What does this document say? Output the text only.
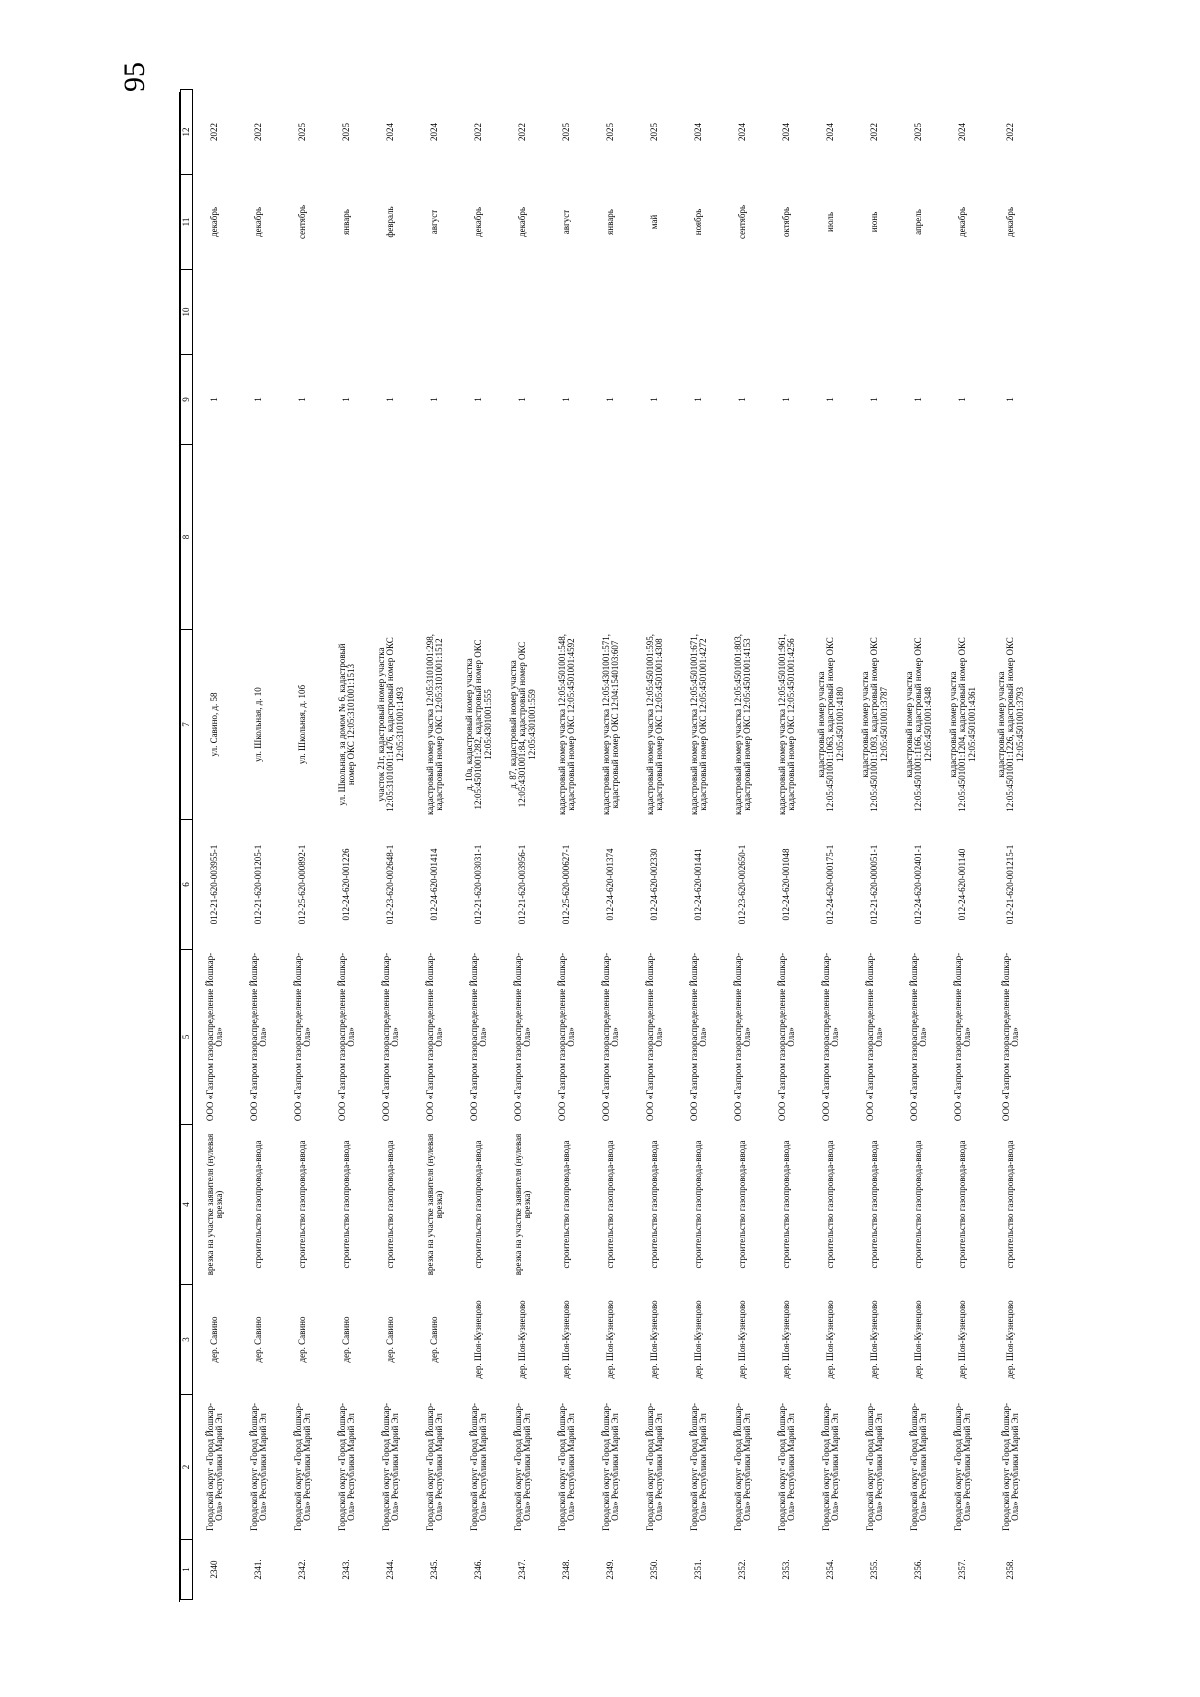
95
1	2	3	4	5	6	7	8	9	10	11	12
2340	Городской округ «Город Йошкар-Ола» Республики Марий Эл	дер. Савино	врезка на участке заявителя (нулевая врезка)	ООО «Газпром газораспределение Йошкар-Ола»	012-21-620-003955-1	ул. Савино, д. 58		1		декабрь	2022
2341.	Городской округ «Город Йошкар-Ола» Республики Марий Эл	дер. Савино	строительство газопровода-ввода	ООО «Газпром газораспределение Йошкар-Ола»	012-21-620-001205-1	ул. Школьная, д. 10		1		декабрь	2022
2342.	Городской округ «Город Йошкар-Ола» Республики Марий Эл	дер. Савино	строительство газопровода-ввода	ООО «Газпром газораспределение Йошкар-Ола»	012-25-620-000892-1	ул. Школьная, д. 10б		1		сентябрь	2025
2343.	Городской округ «Город Йошкар-Ола» Республики Марий Эл	дер. Савино	строительство газопровода-ввода	ООО «Газпром газораспределение Йошкар-Ола»	012-24-620-001226	ул. Школьная, за домом № 6, кадастровый номер ОКС 12:05:3101001:1513		1		январь	2025
2344.	Городской округ «Город Йошкар-Ола» Республики Марий Эл	дер. Савино	строительство газопровода-ввода	ООО «Газпром газораспределение Йошкар-Ола»	012-23-620-002648-1	участок 21г, кадастровый номер участка 12:05:3101001:1476, кадастровый номер ОКС 12:05:3101001:1493		1		февраль	2024
2345.	Городской округ «Город Йошкар-Ола» Республики Марий Эл	дер. Савино	врезка на участке заявителя (нулевая врезка)	ООО «Газпром газораспределение Йошкар-Ола»	012-24-620-001414	кадастровый номер участка 12:05:3101001:298, кадастровый номер ОКС 12:05:3101001:1512		1		август	2024
2346.	Городской округ «Город Йошкар-Ола» Республики Марий Эл	дер. Шоя-Кузнецово	строительство газопровода-ввода	ООО «Газпром газораспределение Йошкар-Ола»	012-21-620-003031-1	д. 10а, кадастровый номер участка 12:05:4501001:282, кадастровый номер ОКС 12:05:4301001:555		1		декабрь	2022
2347.	Городской округ «Город Йошкар-Ола» Республики Марий Эл	дер. Шоя-Кузнецово	врезка на участке заявителя (нулевая врезка)	ООО «Газпром газораспределение Йошкар-Ола»	012-21-620-003956-1	д. 87, кадастровый номер участка 12:05:4301001:84, кадастровый номер ОКС 12:05:4301001:559		1		декабрь	2022
2348.	Городской округ «Город Йошкар-Ола» Республики Марий Эл	дер. Шоя-Кузнецово	строительство газопровода-ввода	ООО «Газпром газораспределение Йошкар-Ола»	012-25-620-000627-1	кадастровый номер участка 12:05:4501001:548, кадастровый номер ОКС 12:05:4501001:4592		1		август	2025
2349.	Городской округ «Город Йошкар-Ола» Республики Марий Эл	дер. Шоя-Кузнецово	строительство газопровода-ввода	ООО «Газпром газораспределение Йошкар-Ола»	012-24-620-001374	кадастровый номер участка 12:05:4301001:571, кадастровый номер ОКС 12:04:1540103:607		1		январь	2025
2350.	Городской округ «Город Йошкар-Ола» Республики Марий Эл	дер. Шоя-Кузнецово	строительство газопровода-ввода	ООО «Газпром газораспределение Йошкар-Ола»	012-24-620-002330	кадастровый номер участка 12:05:4501001:595, кадастровый номер ОКС 12:05:4501001:4308		1		май	2025
2351.	Городской округ «Город Йошкар-Ола» Республики Марий Эл	дер. Шоя-Кузнецово	строительство газопровода-ввода	ООО «Газпром газораспределение Йошкар-Ола»	012-24-620-001441	кадастровый номер участка 12:05:4501001:671, кадастровый номер ОКС 12:05:4501001:4272		1		ноябрь	2024
2352.	Городской округ «Город Йошкар-Ола» Республики Марий Эл	дер. Шоя-Кузнецово	строительство газопровода-ввода	ООО «Газпром газораспределение Йошкар-Ола»	012-23-620-002650-1	кадастровый номер участка 12:05:4501001:803, кадастровый номер ОКС 12:05:4501001:4153		1		сентябрь	2024
2353.	Городской округ «Город Йошкар-Ола» Республики Марий Эл	дер. Шоя-Кузнецово	строительство газопровода-ввода	ООО «Газпром газораспределение Йошкар-Ола»	012-24-620-001048	кадастровый номер участка 12:05:4501001:961, кадастровый номер ОКС 12:05:4501001:4256		1		октябрь	2024
2354.	Городской округ «Город Йошкар-Ола» Республики Марий Эл	дер. Шоя-Кузнецово	строительство газопровода-ввода	ООО «Газпром газораспределение Йошкар-Ола»	012-24-620-000175-1	кадастровый номер участка 12:05:4501001:1063, кадастровый номер ОКС 12:05:4501001:4180		1		июль	2024
2355.	Городской округ «Город Йошкар-Ола» Республики Марий Эл	дер. Шоя-Кузнецово	строительство газопровода-ввода	ООО «Газпром газораспределение Йошкар-Ола»	012-21-620-000051-1	кадастровый номер участка 12:05:4501001:1093, кадастровый номер ОКС 12:05:4501001:3787		1		июнь	2022
2356.	Городской округ «Город Йошкар-Ола» Республики Марий Эл	дер. Шоя-Кузнецово	строительство газопровода-ввода	ООО «Газпром газораспределение Йошкар-Ола»	012-24-620-002401-1	кадастровый номер участка 12:05:4501001:1166, кадастровый номер ОКС 12:05:4501001:4348		1		апрель	2025
2357.	Городской округ «Город Йошкар-Ола» Республики Марий Эл	дер. Шоя-Кузнецово	строительство газопровода-ввода	ООО «Газпром газораспределение Йошкар-Ола»	012-24-620-001140	кадастровый номер участка 12:05:4501001:1204, кадастровый номер ОКС 12:05:4501001:4361		1		декабрь	2024
2358.	Городской округ «Город Йошкар-Ола» Республики Марий Эл	дер. Шоя-Кузнецово	строительство газопровода-ввода	ООО «Газпром газораспределение Йошкар-Ола»	012-21-620-001215-1	кадастровый номер участка 12:05:4501001:1226, кадастровый номер ОКС 12:05:4501001:3793		1		декабрь	2022
